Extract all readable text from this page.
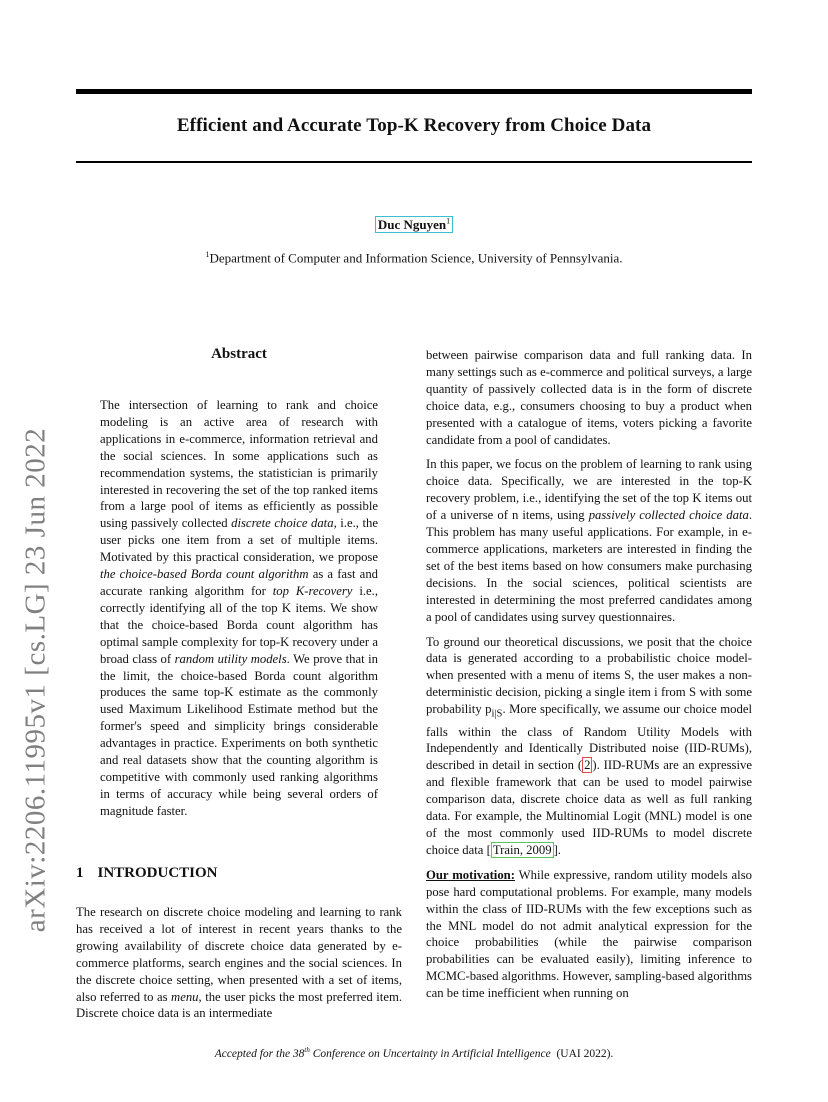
arXiv:2206.11995v1 [cs.LG] 23 Jun 2022
Efficient and Accurate Top-K Recovery from Choice Data
Duc Nguyen$^1$
$^1$Department of Computer and Information Science, University of Pennsylvania.
Abstract

The intersection of learning to rank and choice modeling is an active area of research with applications in e-commerce, information retrieval and the social sciences. In some applications such as recommendation systems, the statistician is primarily interested in recovering the set of the top ranked items from a large pool of items as efficiently as possible using passively collected discrete choice data, i.e., the user picks one item from a set of multiple items. Motivated by this practical consideration, we propose the choice-based Borda count algorithm as a fast and accurate ranking algorithm for top K-recovery i.e., correctly identifying all of the top K items. We show that the choice-based Borda count algorithm has optimal sample complexity for top-K recovery under a broad class of random utility models. We prove that in the limit, the choice-based Borda count algorithm produces the same top-K estimate as the commonly used Maximum Likelihood Estimate method but the former's speed and simplicity brings considerable advantages in practice. Experiments on both synthetic and real datasets show that the counting algorithm is competitive with commonly used ranking algorithms in terms of accuracy while being several orders of magnitude faster.

1 INTRODUCTION

The research on discrete choice modeling and learning to rank has received a lot of interest in recent years thanks to the growing availability of discrete choice data generated by e-commerce platforms, search engines and the social sciences. In the discrete choice setting, when presented with a set of items, also referred to as menu, the user picks the most preferred item. Discrete choice data is an intermediate

between pairwise comparison data and full ranking data. In many settings such as e-commerce and political surveys, a large quantity of passively collected data is in the form of discrete choice data, e.g., consumers choosing to buy a product when presented with a catalogue of items, voters picking a favorite candidate from a pool of candidates.

In this paper, we focus on the problem of learning to rank using choice data. Specifically, we are interested in the top-K recovery problem, i.e., identifying the set of the top K items out of a universe of n items, using passively collected choice data. This problem has many useful applications. For example, in e-commerce applications, marketers are interested in finding the set of the best items based on how consumers make purchasing decisions. In the social sciences, political scientists are interested in determining the most preferred candidates among a pool of candidates using survey questionnaires.

To ground our theoretical discussions, we posit that the choice data is generated according to a probabilistic choice model- when presented with a menu of items S, the user makes a non-deterministic decision, picking a single item i from S with some probability $p_{i|S}$. More specifically, we assume our choice model falls within the class of Random Utility Models with Independently and Identically Distributed noise (IID-RUMs), described in detail in section ( 2 ). IID-RUMs are an expressive and flexible framework that can be used to model pairwise comparison data, discrete choice data as well as full ranking data. For example, the Multinomial Logit (MNL) model is one of the most commonly used IID-RUMs to model discrete choice data [ Train, 2009 ].

Our motivation: While expressive, random utility models also pose hard computational problems. For example, many models within the class of IID-RUMs with the few exceptions such as the MNL model do not admit analytical expression for the choice probabilities (while the pairwise comparison probabilities can be evaluated easily), limiting inference to MCMC-based algorithms. However, sampling-based algorithms can be time inefficient when running on

Accepted for the 38th Conference on Uncertainty in Artificial Intelligence (UAI 2022).
